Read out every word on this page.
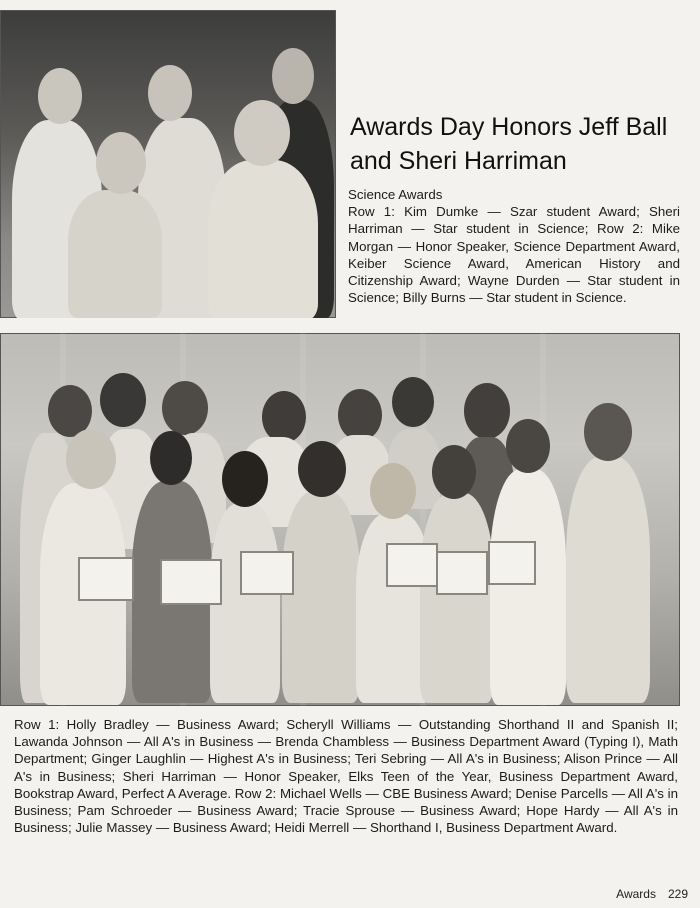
Awards Day Honors Jeff Ball and Sheri Harriman
Science Awards
Row 1: Kim Dumke — Szar student Award; Sheri Harriman — Star student in Science; Row 2: Mike Morgan — Honor Speaker, Science Department Award, Keiber Science Award, American History and Citizenship Award; Wayne Durden — Star student in Science; Billy Burns — Star student in Science.
Row 1: Holly Bradley — Business Award; Scheryll Williams — Outstanding Shorthand II and Spanish II; Lawanda Johnson — All A's in Business — Brenda Chambless — Business Department Award (Typing I), Math Department; Ginger Laughlin — Highest A's in Business; Teri Sebring — All A's in Business; Alison Prince — All A's in Business; Sheri Harriman — Honor Speaker, Elks Teen of the Year, Business Department Award, Bookstrap Award, Perfect A Average. Row 2: Michael Wells — CBE Business Award; Denise Parcells — All A's in Business; Pam Schroeder — Business Award; Tracie Sprouse — Business Award; Hope Hardy — All A's in Business; Julie Massey — Business Award; Heidi Merrell — Shorthand I, Business Department Award.
Awards 229
